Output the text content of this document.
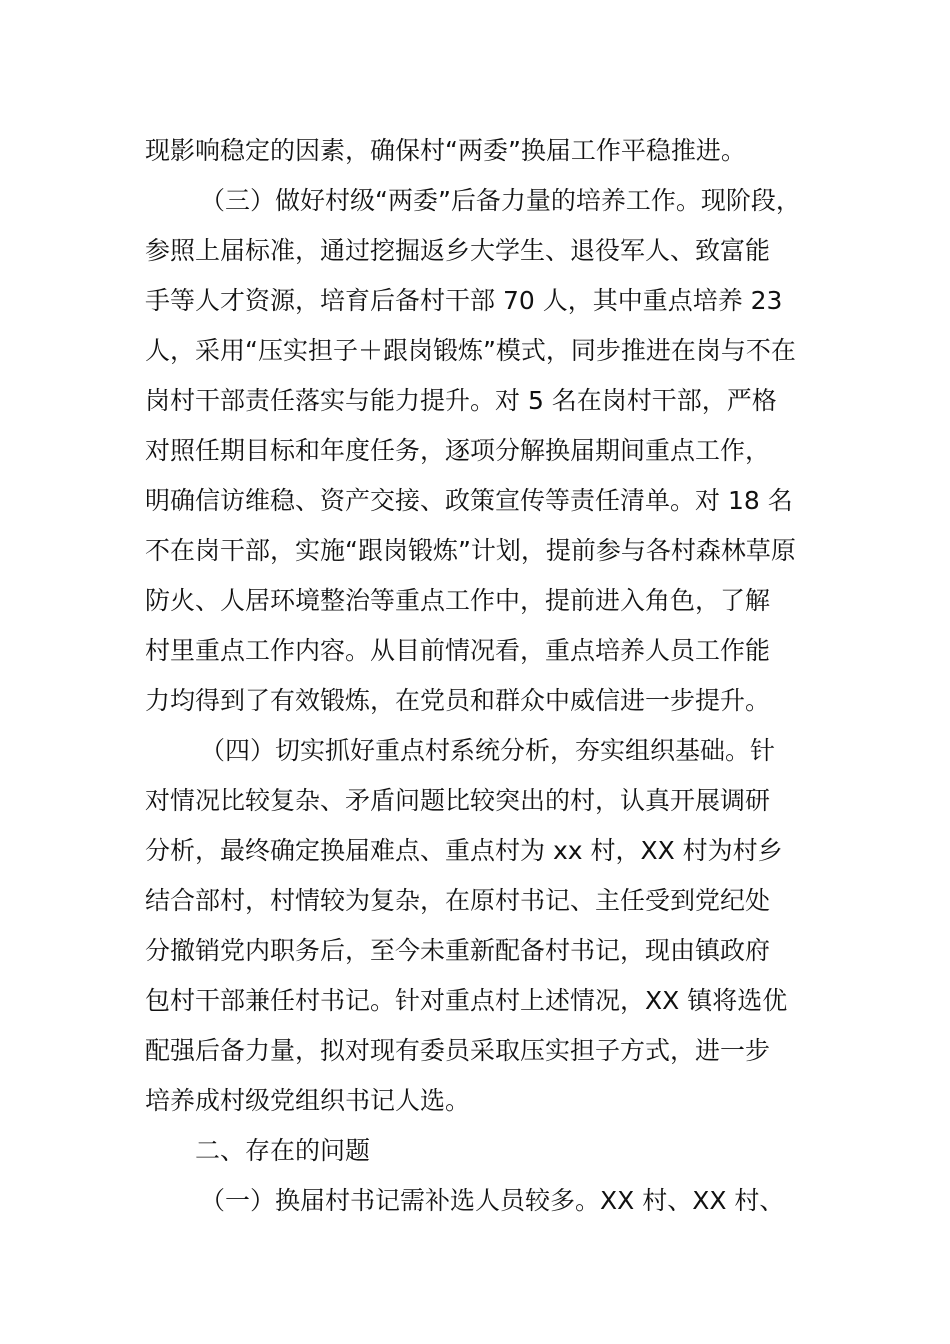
现影响稳定的因素，确保村“两委”换届工作平稳推进。
（三）做好村级“两委”后备力量的培养工作。现阶段，
参照上届标准，通过挖掘返乡大学生、退役军人、致富能
手等人才资源，培育后备村干部 70 人，其中重点培养 23
人，采用“压实担子＋跟岗锻炼”模式，同步推进在岗与不在
岗村干部责任落实与能力提升。对 5 名在岗村干部，严格
对照任期目标和年度任务，逐项分解换届期间重点工作，
明确信访维稳、资产交接、政策宣传等责任清单。对 18 名
不在岗干部，实施“跟岗锻炼”计划，提前参与各村森林草原
防火、人居环境整治等重点工作中，提前进入角色，了解
村里重点工作内容。从目前情况看，重点培养人员工作能
力均得到了有效锻炼，在党员和群众中威信进一步提升。
（四）切实抓好重点村系统分析，夯实组织基础。针
对情况比较复杂、矛盾问题比较突出的村，认真开展调研
分析，最终确定换届难点、重点村为 xx 村，XX 村为村乡
结合部村，村情较为复杂，在原村书记、主任受到党纪处
分撤销党内职务后，至今未重新配备村书记，现由镇政府
包村干部兼任村书记。针对重点村上述情况，XX 镇将选优
配强后备力量，拟对现有委员采取压实担子方式，进一步
培养成村级党组织书记人选。
二、存在的问题
（一）换届村书记需补选人员较多。XX 村、XX 村、
